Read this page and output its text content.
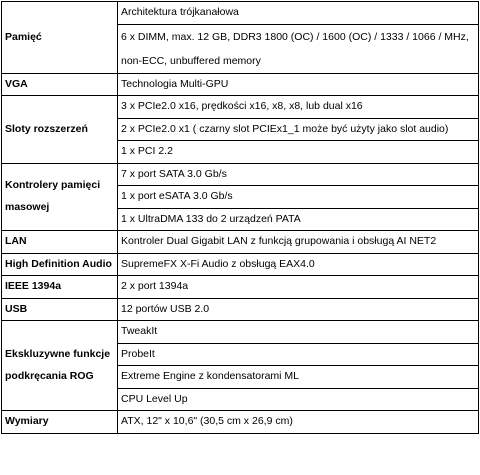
Pamięć	Architektura trójkanałowa
	6 x DIMM, max. 12 GB, DDR3 1800 (OC) / 1600 (OC) / 1333 / 1066 / MHz, non-ECC, unbuffered memory
VGA	Technologia Multi-GPU
Sloty rozszerzeń	3 x PCIe2.0 x16, prędkości x16, x8, x8, lub dual x16
	2 x PCIe2.0 x1 ( czarny slot PCIEx1_1 może być użyty jako slot audio)
	1 x PCI 2.2
Kontrolery pamięci masowej	7 x port SATA 3.0 Gb/s
	1 x port eSATA 3.0 Gb/s
	1 x UltraDMA 133 do 2 urządzeń PATA
LAN	Kontroler Dual Gigabit LAN z funkcją grupowania i obsługą AI NET2
High Definition Audio	SupremeFX X-Fi Audio z obsługą EAX4.0
IEEE 1394a	2 x port 1394a
USB	12 portów USB 2.0
Ekskluzywne funkcje podkręcania ROG	TweakIt
	ProbeIt
	Extreme Engine z kondensatorami ML
	CPU Level Up
Wymiary	ATX, 12" x 10,6" (30,5 cm x 26,9 cm)
